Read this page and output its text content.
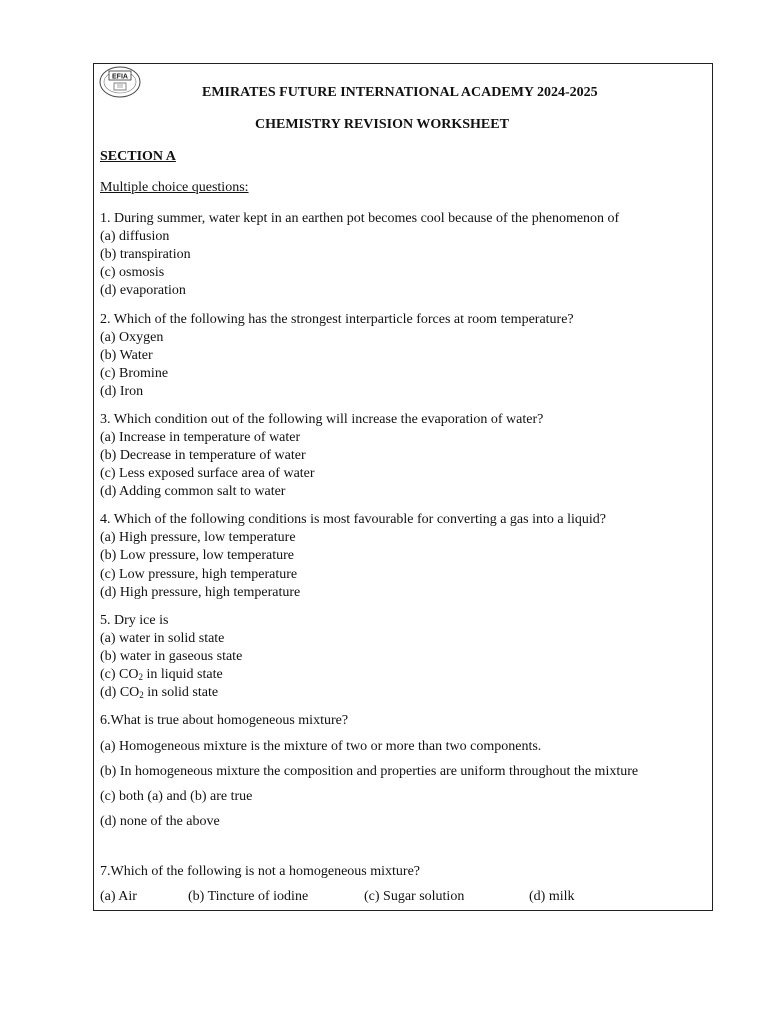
EFIA
EMIRATES FUTURE INTERNATIONAL ACADEMY 2024-2025
CHEMISTRY REVISION WORKSHEET
SECTION A
Multiple choice questions:
1. During summer, water kept in an earthen pot becomes cool because of the phenomenon of
(a) diffusion
(b) transpiration
(c) osmosis
(d) evaporation
2. Which of the following has the strongest interparticle forces at room temperature?
(a) Oxygen
(b) Water
(c) Bromine
(d) Iron
3. Which condition out of the following will increase the evaporation of water?
(a) Increase in temperature of water
(b) Decrease in temperature of water
(c) Less exposed surface area of water
(d) Adding common salt to water
4. Which of the following conditions is most favourable for converting a gas into a liquid?
(a) High pressure, low temperature
(b) Low pressure, low temperature
(c) Low pressure, high temperature
(d) High pressure, high temperature
5. Dry ice is
(a) water in solid state
(b) water in gaseous state
(c) $CO_2$ in liquid state
(d) $CO_2$ in solid state
6.What is true about homogeneous mixture?
(a) Homogeneous mixture is the mixture of two or more than two components.
(b) In homogeneous mixture the composition and properties are uniform throughout the mixture
(c) both (a) and (b) are true
(d) none of the above
7.Which of the following is not a homogeneous mixture?
(a) Air	(b) Tincture of iodine	(c) Sugar solution	(d) milk
